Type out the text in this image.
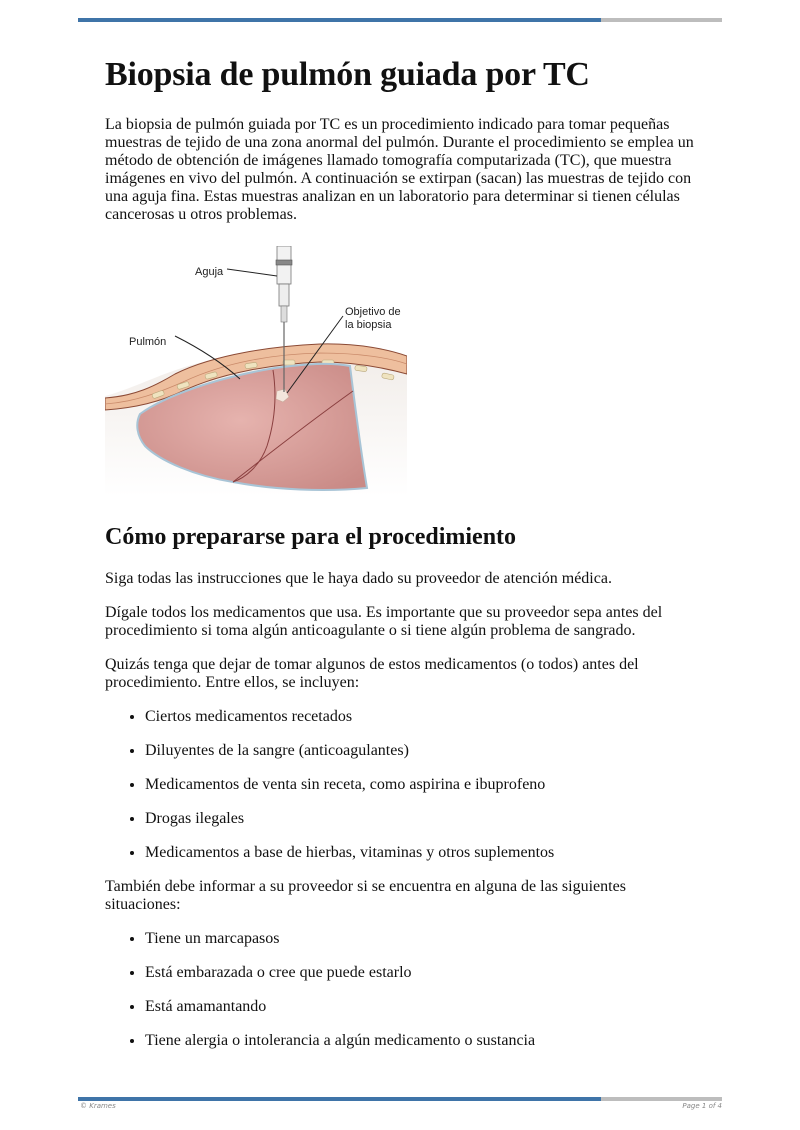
Biopsia de pulmón guiada por TC

La biopsia de pulmón guiada por TC es un procedimiento indicado para tomar pequeñas muestras de tejido de una zona anormal del pulmón. Durante el procedimiento se emplea un método de obtención de imágenes llamado tomografía computarizada (TC), que muestra imágenes en vivo del pulmón. A continuación se extirpan (sacan) las muestras de tejido con una aguja fina. Estas muestras analizan en un laboratorio para determinar si tienen células cancerosas u otros problemas.

Aguja
Pulmón
Objetivo de
la biopsia
Cómo prepararse para el procedimiento

Siga todas las instrucciones que le haya dado su proveedor de atención médica.

Dígale todos los medicamentos que usa. Es importante que su proveedor sepa antes del procedimiento si toma algún anticoagulante o si tiene algún problema de sangrado.

Quizás tenga que dejar de tomar algunos de estos medicamentos (o todos) antes del procedimiento. Entre ellos, se incluyen:

• Ciertos medicamentos recetados
• Diluyentes de la sangre (anticoagulantes)
• Medicamentos de venta sin receta, como aspirina e ibuprofeno
• Drogas ilegales
• Medicamentos a base de hierbas, vitaminas y otros suplementos

También debe informar a su proveedor si se encuentra en alguna de las siguientes situaciones:

• Tiene un marcapasos
• Está embarazada o cree que puede estarlo
• Está amamantando
• Tiene alergia o intolerancia a algún medicamento o sustancia
© Krames	Page 1 of 4
